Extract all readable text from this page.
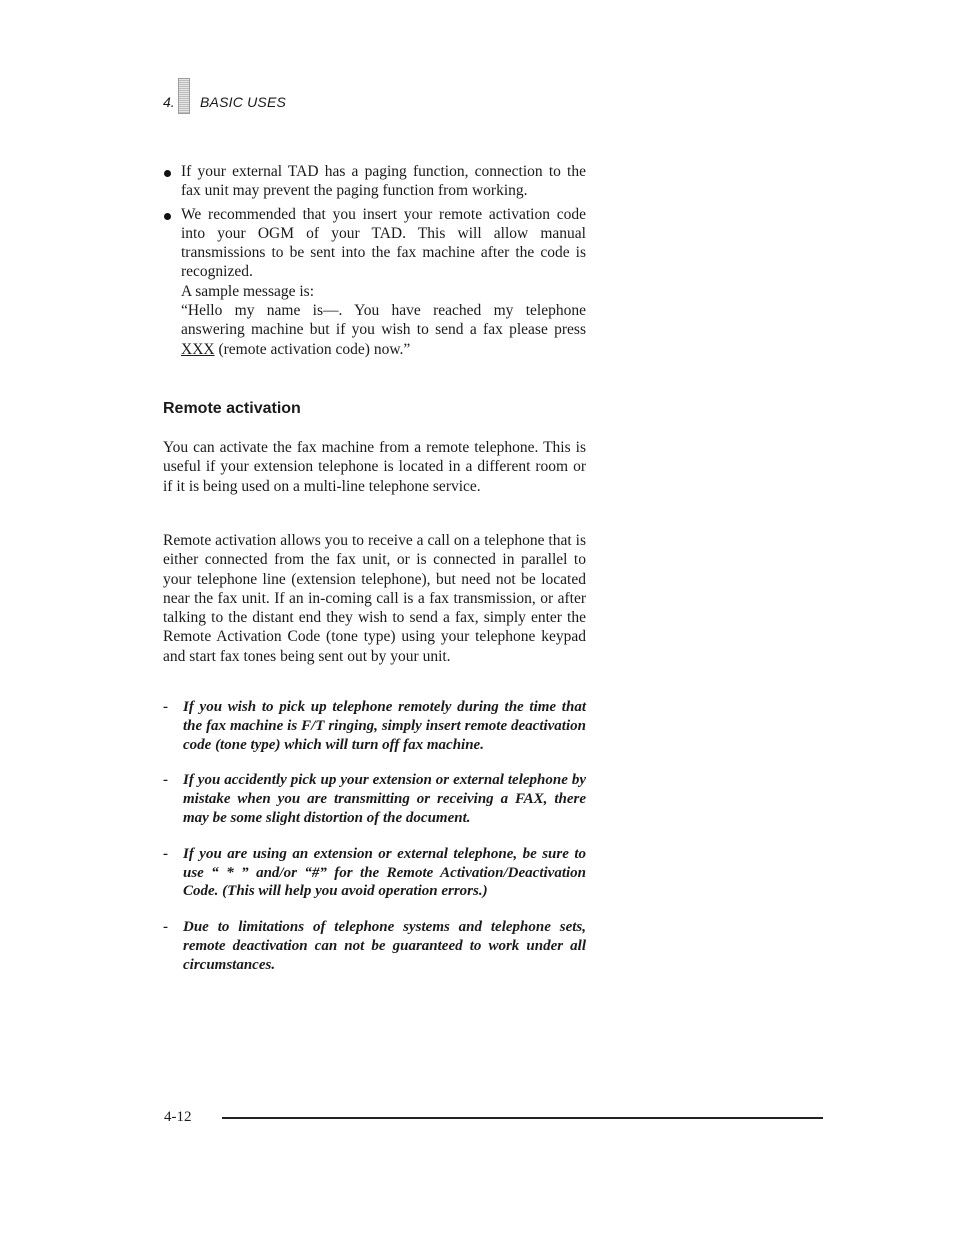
4. BASIC USES

If your external TAD has a paging function, connection to the fax unit may prevent the paging function from working.

We recommended that you insert your remote activation code into your OGM of your TAD. This will allow manual transmissions to be sent into the fax machine after the code is recognized.

A sample message is:

“Hello my name is—. You have reached my telephone answering machine but if you wish to send a fax please press XXX (remote activation code) now.”

Remote activation

You can activate the fax machine from a remote telephone. This is useful if your extension telephone is located in a different room or if it is being used on a multi-line telephone service.

Remote activation allows you to receive a call on a telephone that is either connected from the fax unit, or is connected in parallel to your telephone line (extension telephone), but need not be located near the fax unit. If an in-coming call is a fax transmission, or after talking to the distant end they wish to send a fax, simply enter the Remote Activation Code (tone type) using your telephone keypad and start fax tones being sent out by your unit.

- If you wish to pick up telephone remotely during the time that the fax machine is F/T ringing, simply insert remote deactivation code (tone type) which will turn off fax machine.
- If you accidently pick up your extension or external telephone by mistake when you are transmitting or receiving a FAX, there may be some slight distortion of the document.
- If you are using an extension or external telephone, be sure to use “ * ” and/or “#” for the Remote Activation/Deactivation Code. (This will help you avoid operation errors.)
- Due to limitations of telephone systems and telephone sets, remote deactivation can not be guaranteed to work under all circumstances.
4-12
